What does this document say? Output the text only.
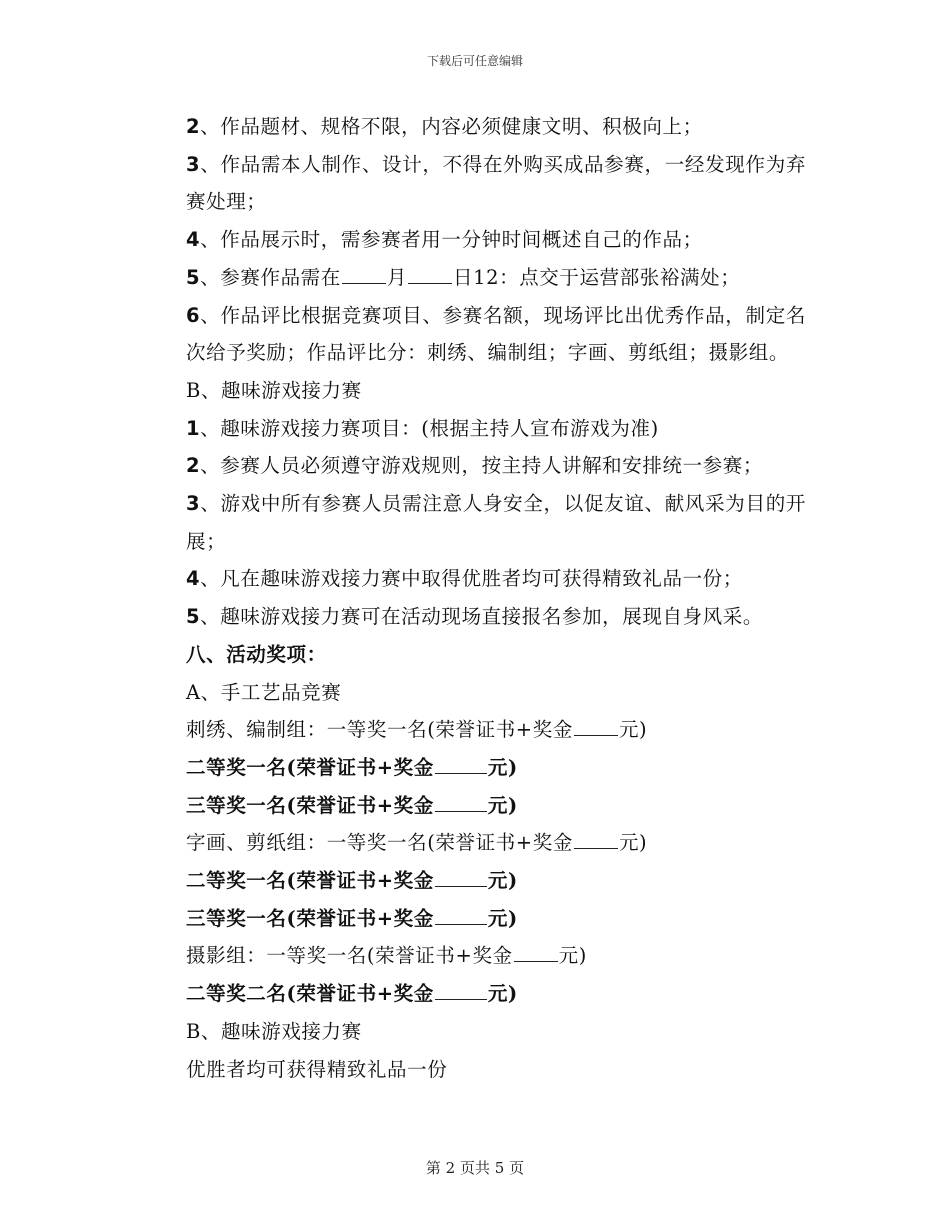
下载后可任意编辑

2、作品题材、规格不限，内容必须健康文明、积极向上；

3、作品需本人制作、设计，不得在外购买成品参赛，一经发现作为弃赛处理；

4、作品展示时，需参赛者用一分钟时间概述自己的作品；

5、参赛作品需在 月 日12：点交于运营部张裕满处；

6、作品评比根据竞赛项目、参赛名额，现场评比出优秀作品，制定名次给予奖励；作品评比分：刺绣、编制组；字画、剪纸组；摄影组。

B、趣味游戏接力赛

1、趣味游戏接力赛项目：(根据主持人宣布游戏为准)

2、参赛人员必须遵守游戏规则，按主持人讲解和安排统一参赛；

3、游戏中所有参赛人员需注意人身安全，以促友谊、献风采为目的开展；

4、凡在趣味游戏接力赛中取得优胜者均可获得精致礼品一份；

5、趣味游戏接力赛可在活动现场直接报名参加，展现自身风采。

八、活动奖项：

A、手工艺品竞赛

刺绣、编制组：一等奖一名(荣誉证书+奖金 元)

二等奖一名(荣誉证书+奖金	元)

三等奖一名(荣誉证书+奖金	元)

字画、剪纸组：一等奖一名(荣誉证书+奖金 元)

二等奖一名(荣誉证书+奖金	元)

三等奖一名(荣誉证书+奖金	元)

摄影组：一等奖一名(荣誉证书+奖金 元)

二等奖二名(荣誉证书+奖金	元)

B、趣味游戏接力赛

优胜者均可获得精致礼品一份

第 2 页共 5 页
